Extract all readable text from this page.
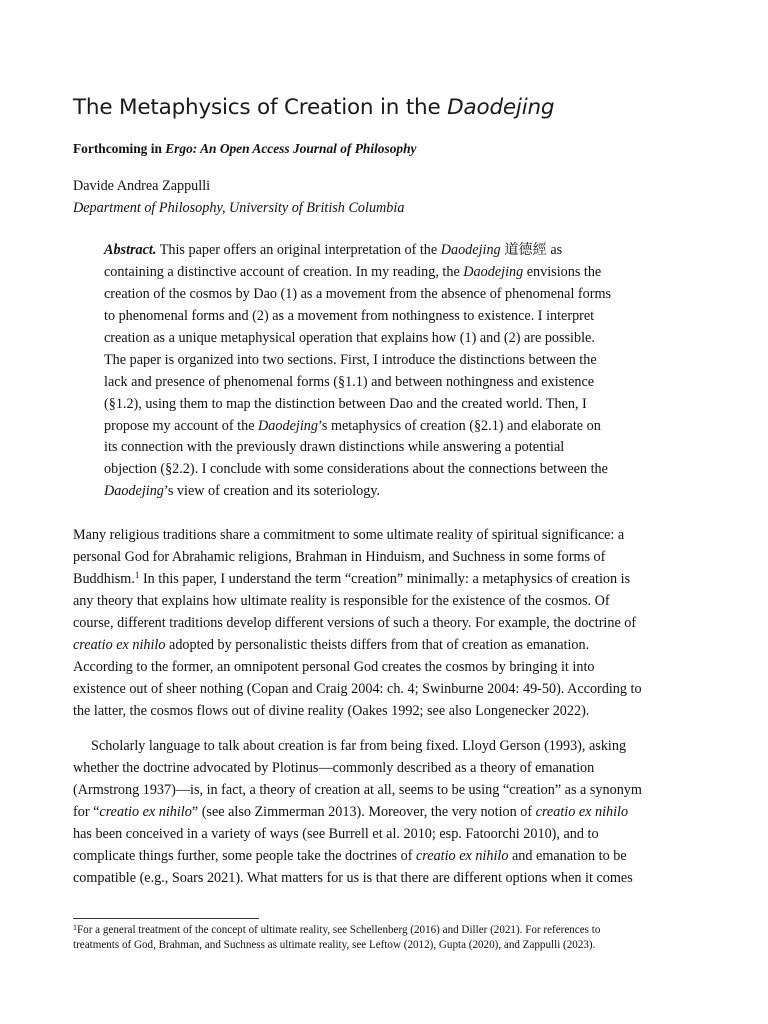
The Metaphysics of Creation in the Daodejing

Forthcoming in Ergo: An Open Access Journal of Philosophy

Davide Andrea Zappulli

Department of Philosophy, University of British Columbia

Abstract. This paper offers an original interpretation of the Daodejing 道德經 as
containing a distinctive account of creation. In my reading, the Daodejing envisions the
creation of the cosmos by Dao (1) as a movement from the absence of phenomenal forms
to phenomenal forms and (2) as a movement from nothingness to existence. I interpret
creation as a unique metaphysical operation that explains how (1) and (2) are possible.
The paper is organized into two sections. First, I introduce the distinctions between the
lack and presence of phenomenal forms (§1.1) and between nothingness and existence
(§1.2), using them to map the distinction between Dao and the created world. Then, I
propose my account of the Daodejing’s metaphysics of creation (§2.1) and elaborate on
its connection with the previously drawn distinctions while answering a potential
objection (§2.2). I conclude with some considerations about the connections between the
Daodejing’s view of creation and its soteriology.
Many religious traditions share a commitment to some ultimate reality of spiritual significance: a
personal God for Abrahamic religions, Brahman in Hinduism, and Suchness in some forms of
Buddhism.$^1$ In this paper, I understand the term “creation” minimally: a metaphysics of creation is
any theory that explains how ultimate reality is responsible for the existence of the cosmos. Of
course, different traditions develop different versions of such a theory. For example, the doctrine of
creatio ex nihilo adopted by personalistic theists differs from that of creation as emanation.
According to the former, an omnipotent personal God creates the cosmos by bringing it into
existence out of sheer nothing (Copan and Craig 2004: ch. 4; Swinburne 2004: 49-50). According to
the latter, the cosmos flows out of divine reality (Oakes 1992; see also Longenecker 2022).
Scholarly language to talk about creation is far from being fixed. Lloyd Gerson (1993), asking
whether the doctrine advocated by Plotinus—commonly described as a theory of emanation
(Armstrong 1937)—is, in fact, a theory of creation at all, seems to be using “creation” as a synonym
for “creatio ex nihilo” (see also Zimmerman 2013). Moreover, the very notion of creatio ex nihilo
has been conceived in a variety of ways (see Burrell et al. 2010; esp. Fatoorchi 2010), and to
complicate things further, some people take the doctrines of creatio ex nihilo and emanation to be
compatible (e.g., Soars 2021). What matters for us is that there are different options when it comes
$^1$For a general treatment of the concept of ultimate reality, see Schellenberg (2016) and Diller (2021). For references to
treatments of God, Brahman, and Suchness as ultimate reality, see Leftow (2012), Gupta (2020), and Zappulli (2023).
